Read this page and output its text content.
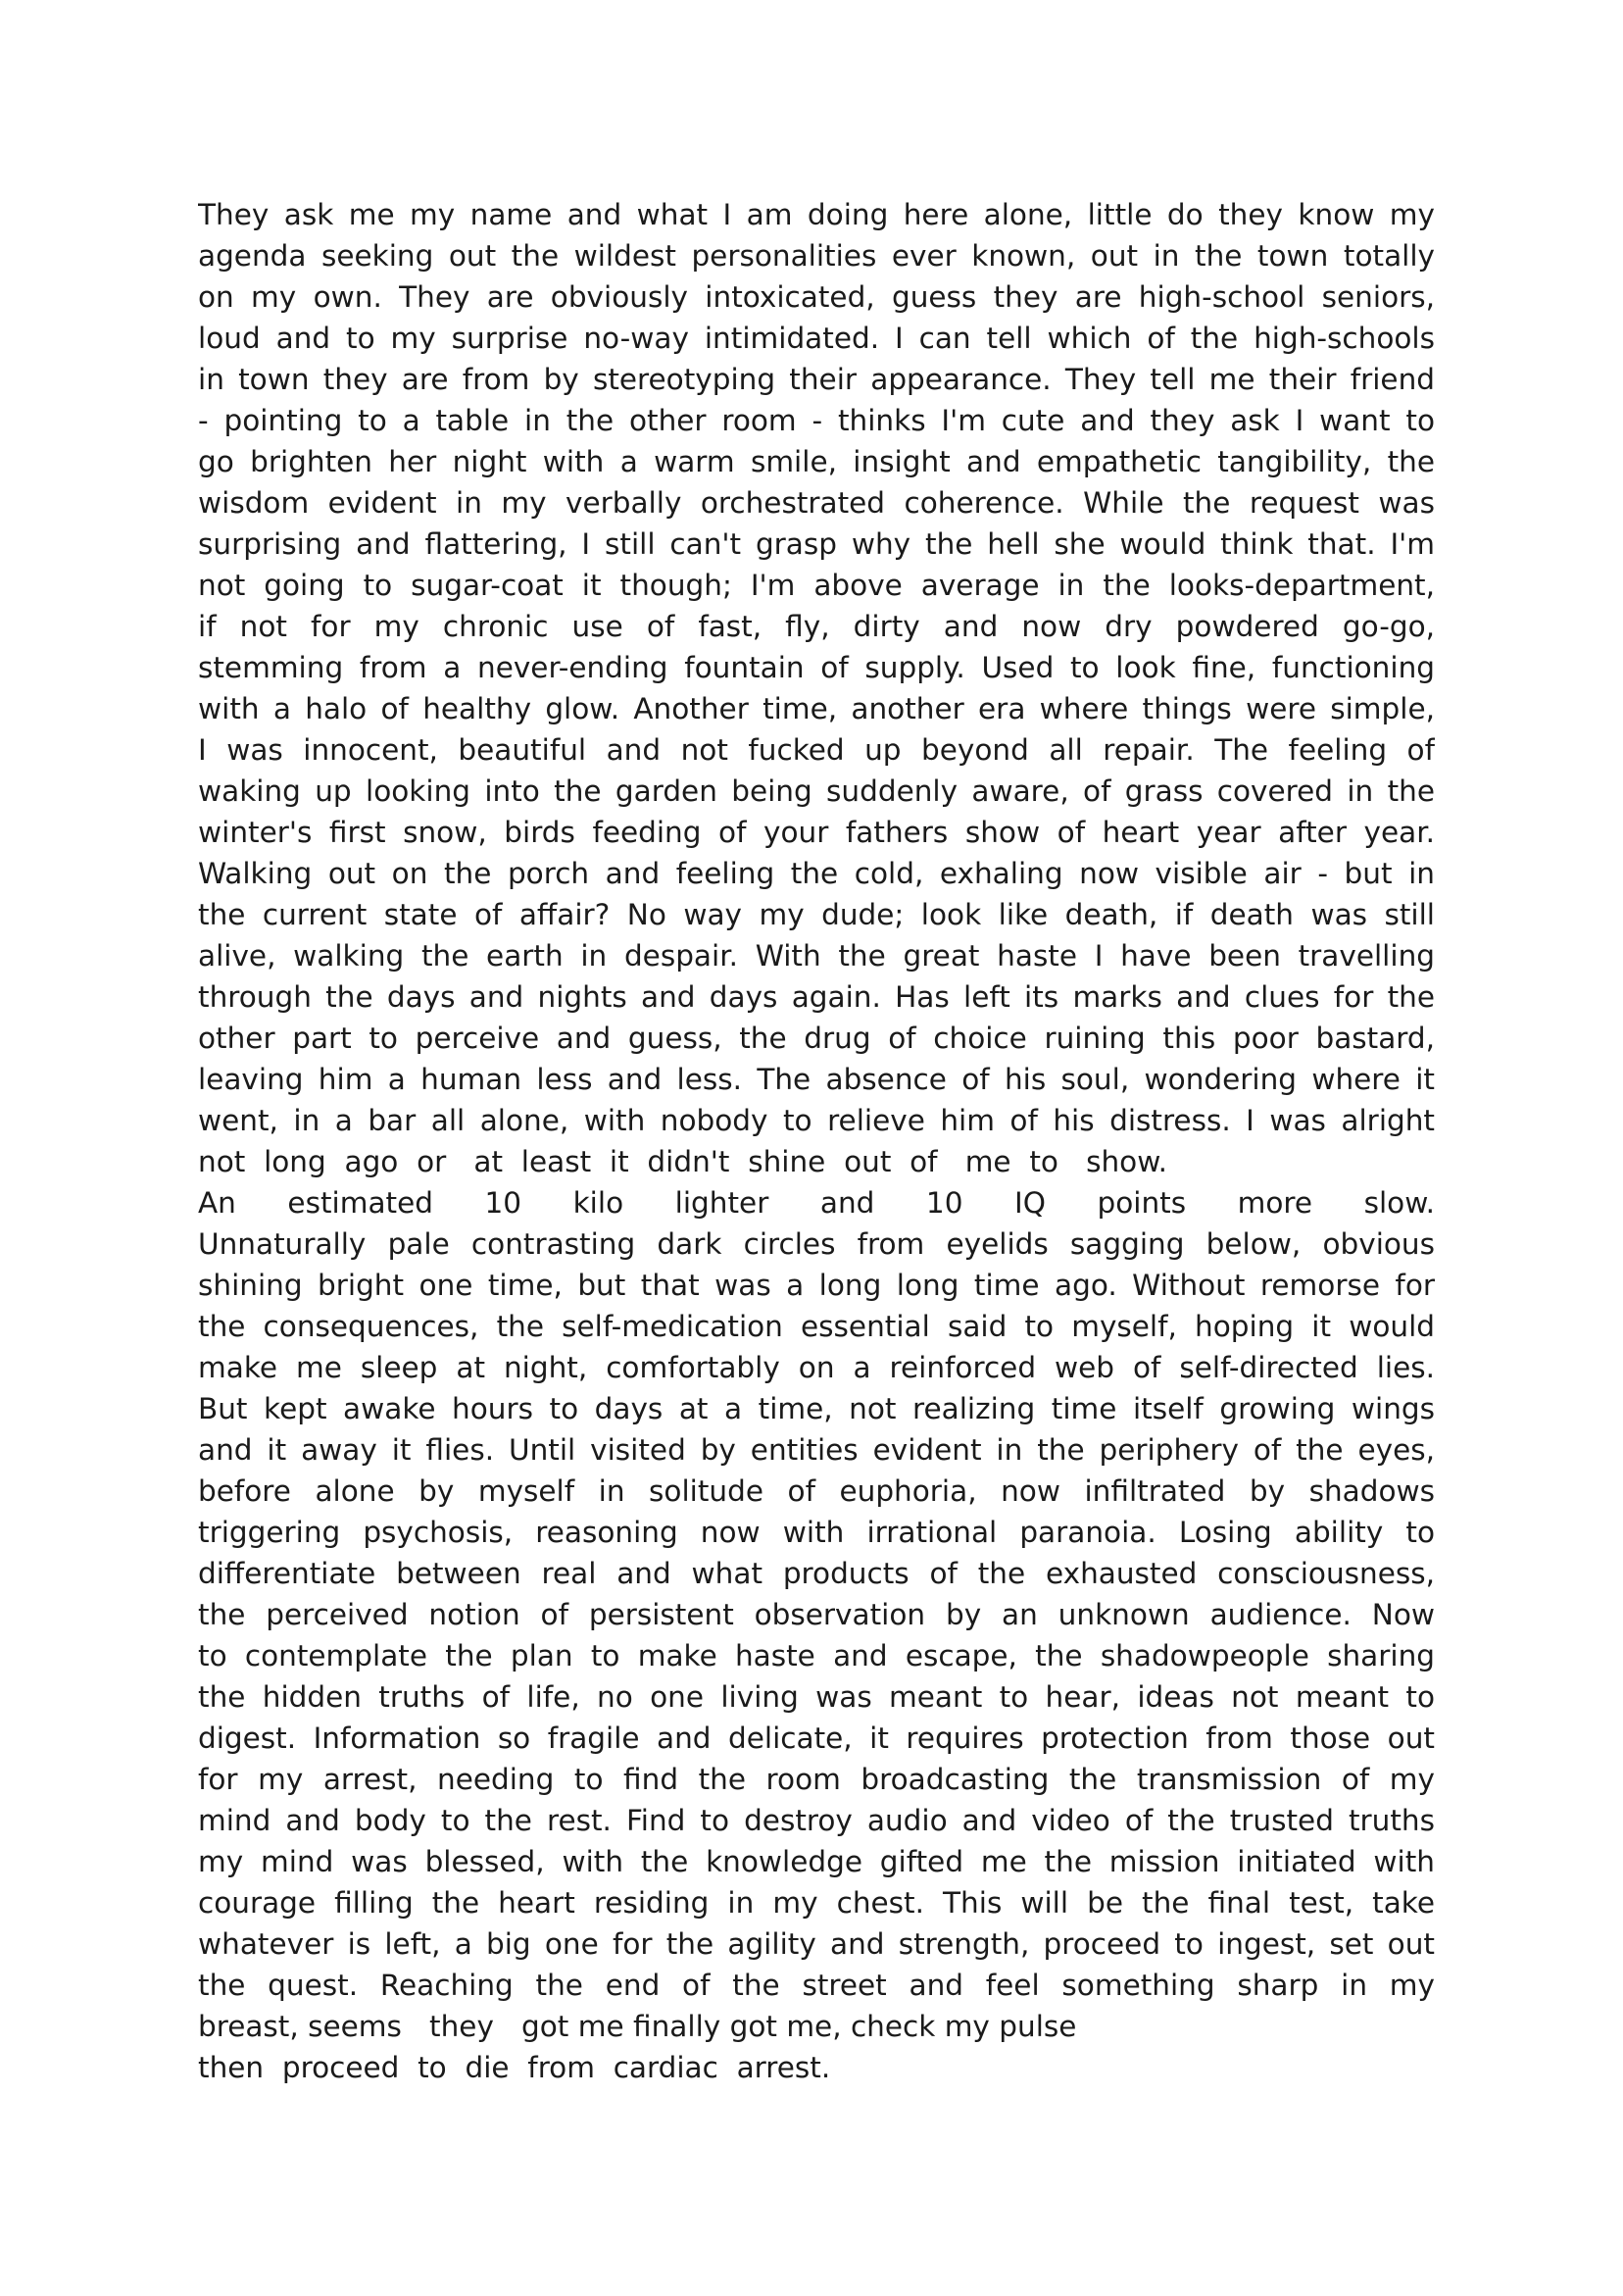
They ask me my name and what I am doing here alone, little do they know my
agenda seeking out the wildest personalities ever known, out in the town totally
on my own. They are obviously intoxicated, guess they are high-school seniors,
loud and to my surprise no-way intimidated. I can tell which of the high-schools
in town they are from by stereotyping their appearance. They tell me their friend
- pointing to a table in the other room - thinks I'm cute and they ask I want to
go brighten her night with a warm smile, insight and empathetic tangibility, the
wisdom evident in my verbally orchestrated coherence. While the request was
surprising and flattering, I still can't grasp why the hell she would think that. I'm
not going to sugar-coat it though; I'm above average in the looks-department,
if not for my chronic use of fast, fly, dirty and now dry powdered go-go,
stemming from a never-ending fountain of supply. Used to look fine, functioning
with a halo of healthy glow. Another time, another era where things were simple,
I was innocent, beautiful and not fucked up beyond all repair. The feeling of
waking up looking into the garden being suddenly aware, of grass covered in the
winter's first snow, birds feeding of your fathers show of heart year after year.
Walking out on the porch and feeling the cold, exhaling now visible air - but in
the current state of affair? No way my dude; look like death, if death was still
alive, walking the earth in despair. With the great haste I have been travelling
through the days and nights and days again. Has left its marks and clues for the
other part to perceive and guess, the drug of choice ruining this poor bastard,
leaving him a human less and less. The absence of his soul, wondering where it
went, in a bar all alone, with nobody to relieve him of his distress. I was alright
not  long  ago  or   at  least  it  didn't  shine  out  of   me  to   show.
An estimated 10 kilo lighter and 10 IQ points more slow.
Unnaturally pale contrasting dark circles from eyelids sagging below, obvious
shining bright one time, but that was a long long time ago. Without remorse for
the consequences, the self-medication essential said to myself, hoping it would
make me sleep at night, comfortably on a reinforced web of self-directed lies.
But kept awake hours to days at a time, not realizing time itself growing wings
and it away it flies. Until visited by entities evident in the periphery of the eyes,
before alone by myself in solitude of euphoria, now infiltrated by shadows
triggering psychosis, reasoning now with irrational paranoia. Losing ability to
differentiate between real and what products of the exhausted consciousness,
the perceived notion of persistent observation by an unknown audience. Now
to contemplate the plan to make haste and escape, the shadowpeople sharing
the hidden truths of life, no one living was meant to hear, ideas not meant to
digest. Information so fragile and delicate, it requires protection from those out
for my arrest, needing to find the room broadcasting the transmission of my
mind and body to the rest. Find to destroy audio and video of the trusted truths
my mind was blessed, with the knowledge gifted me the mission initiated with
courage filling the heart residing in my chest. This will be the final test, take
whatever is left, a big one for the agility and strength, proceed to ingest, set out
the quest. Reaching the end of the street and feel something sharp in my
breast, seems   they   got me finally got me, check my pulse
then  proceed  to  die  from  cardiac  arrest.
